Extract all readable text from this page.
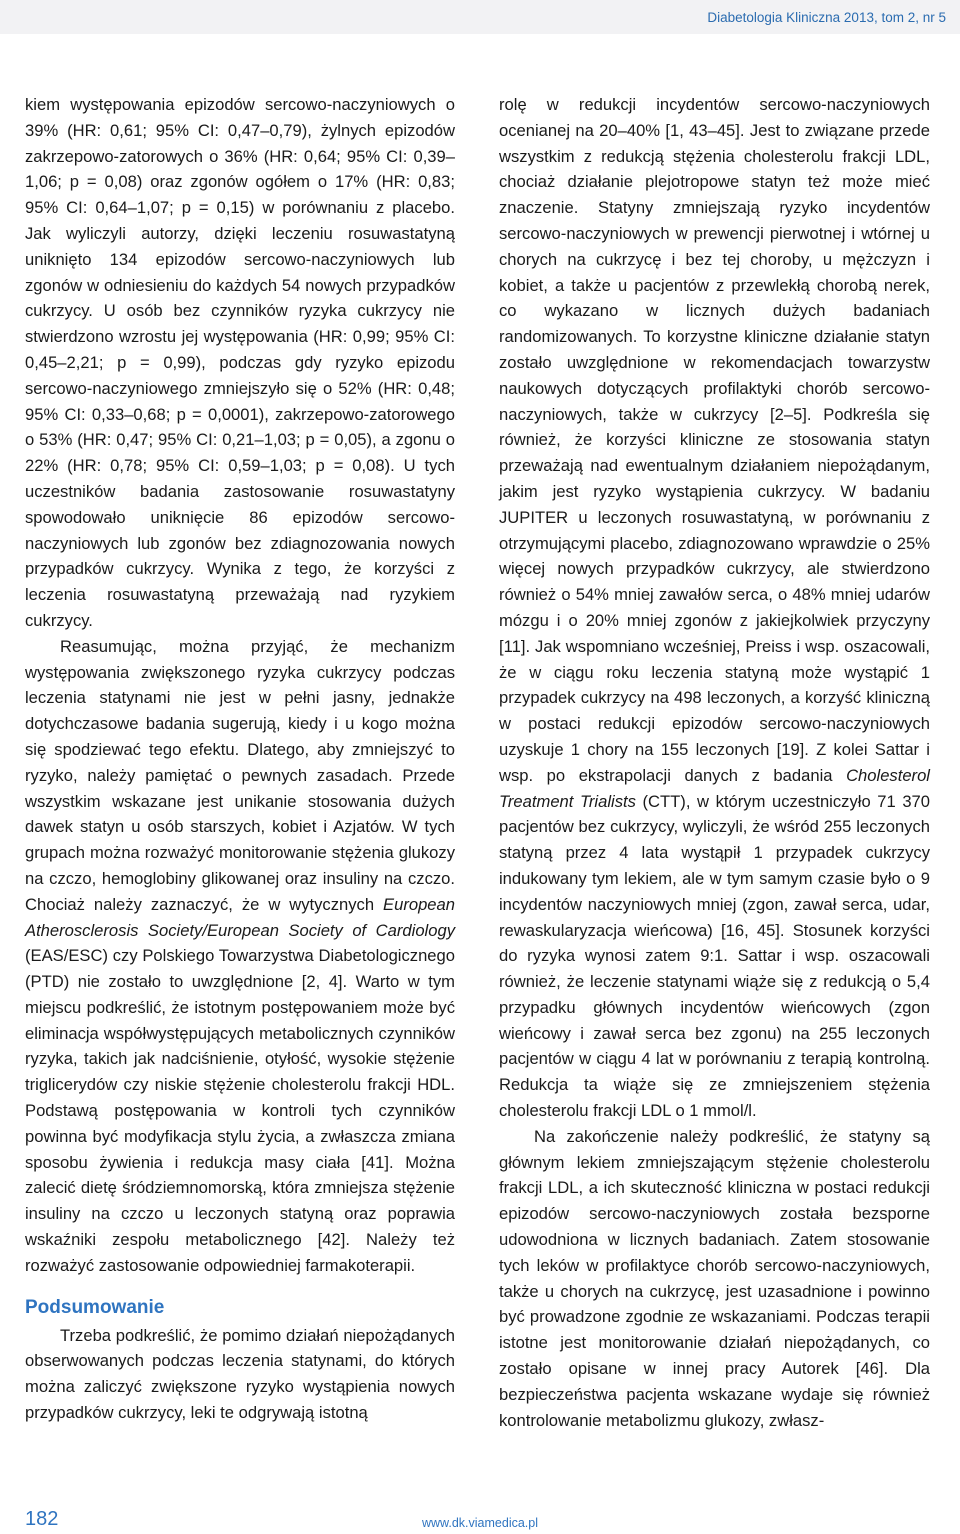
Diabetologia Kliniczna 2013, tom 2, nr 5

kiem występowania epizodów sercowo-naczyniowych o 39% (HR: 0,61; 95% CI: 0,47–0,79), żylnych epizodów zakrzepowo-zatorowych o 36% (HR: 0,64; 95% CI: 0,39–1,06; p = 0,08) oraz zgonów ogółem o 17% (HR: 0,83; 95% CI: 0,64–1,07; p = 0,15) w porównaniu z placebo. Jak wyliczyli autorzy, dzięki leczeniu rosuwastatyną uniknięto 134 epizodów sercowo-naczyniowych lub zgonów w odniesieniu do każdych 54 nowych przypadków cukrzycy. U osób bez czynników ryzyka cukrzycy nie stwierdzono wzrostu jej występowania (HR: 0,99; 95% CI: 0,45–2,21; p = 0,99), podczas gdy ryzyko epizodu sercowo-naczyniowego zmniejszyło się o 52% (HR: 0,48; 95% CI: 0,33–0,68; p = 0,0001), zakrzepowo-zatorowego o 53% (HR: 0,47; 95% CI: 0,21–1,03; p = 0,05), a zgonu o 22% (HR: 0,78; 95% CI: 0,59–1,03; p = 0,08). U tych uczestników badania zastosowanie rosuwastatyny spowodowało uniknięcie 86 epizodów sercowo-naczyniowych lub zgonów bez zdiagnozowania nowych przypadków cukrzycy. Wynika z tego, że korzyści z leczenia rosuwastatyną przeważają nad ryzykiem cukrzycy.

Reasumując, można przyjąć, że mechanizm występowania zwiększonego ryzyka cukrzycy podczas leczenia statynami nie jest w pełni jasny, jednakże dotychczasowe badania sugerują, kiedy i u kogo można się spodziewać tego efektu. Dlatego, aby zmniejszyć to ryzyko, należy pamiętać o pewnych zasadach. Przede wszystkim wskazane jest unikanie stosowania dużych dawek statyn u osób starszych, kobiet i Azjatów. W tych grupach można rozważyć monitorowanie stężenia glukozy na czczo, hemoglobiny glikowanej oraz insuliny na czczo. Chociaż należy zaznaczyć, że w wytycznych European Atherosclerosis Society/European Society of Cardiology (EAS/ESC) czy Polskiego Towarzystwa Diabetologicznego (PTD) nie zostało to uwzględnione [2, 4]. Warto w tym miejscu podkreślić, że istotnym postępowaniem może być eliminacja współwystępujących metabolicznych czynników ryzyka, takich jak nadciśnienie, otyłość, wysokie stężenie triglicerydów czy niskie stężenie cholesterolu frakcji HDL. Podstawą postępowania w kontroli tych czynników powinna być modyfikacja stylu życia, a zwłaszcza zmiana sposobu żywienia i redukcja masy ciała [41]. Można zalecić dietę śródziemnomorską, która zmniejsza stężenie insuliny na czczo u leczonych statyną oraz poprawia wskaźniki zespołu metabolicznego [42]. Należy też rozważyć zastosowanie odpowiedniej farmakoterapii.

Podsumowanie

Trzeba podkreślić, że pomimo działań niepożądanych obserwowanych podczas leczenia statynami, do których można zaliczyć zwiększone ryzyko wystąpienia nowych przypadków cukrzycy, leki te odgrywają istotną

rolę w redukcji incydentów sercowo-naczyniowych ocenianej na 20–40% [1, 43–45]. Jest to związane przede wszystkim z redukcją stężenia cholesterolu frakcji LDL, chociaż działanie plejotropowe statyn też może mieć znaczenie. Statyny zmniejszają ryzyko incydentów sercowo-naczyniowych w prewencji pierwotnej i wtórnej u chorych na cukrzycę i bez tej choroby, u mężczyzn i kobiet, a także u pacjentów z przewlekłą chorobą nerek, co wykazano w licznych dużych badaniach randomizowanych. To korzystne kliniczne działanie statyn zostało uwzględnione w rekomendacjach towarzystw naukowych dotyczących profilaktyki chorób sercowo-naczyniowych, także w cukrzycy [2–5]. Podkreśla się również, że korzyści kliniczne ze stosowania statyn przeważają nad ewentualnym działaniem niepożądanym, jakim jest ryzyko wystąpienia cukrzycy. W badaniu JUPITER u leczonych rosuwastatyną, w porównaniu z otrzymującymi placebo, zdiagnozowano wprawdzie o 25% więcej nowych przypadków cukrzycy, ale stwierdzono również o 54% mniej zawałów serca, o 48% mniej udarów mózgu i o 20% mniej zgonów z jakiejkolwiek przyczyny [11]. Jak wspomniano wcześniej, Preiss i wsp. oszacowali, że w ciągu roku leczenia statyną może wystąpić 1 przypadek cukrzycy na 498 leczonych, a korzyść kliniczną w postaci redukcji epizodów sercowo-naczyniowych uzyskuje 1 chory na 155 leczonych [19]. Z kolei Sattar i wsp. po ekstrapolacji danych z badania Cholesterol Treatment Trialists (CTT), w którym uczestniczyło 71 370 pacjentów bez cukrzycy, wyliczyli, że wśród 255 leczonych statyną przez 4 lata wystąpił 1 przypadek cukrzycy indukowany tym lekiem, ale w tym samym czasie było o 9 incydentów naczyniowych mniej (zgon, zawał serca, udar, rewaskularyzacja wieńcowa) [16, 45]. Stosunek korzyści do ryzyka wynosi zatem 9:1. Sattar i wsp. oszacowali również, że leczenie statynami wiąże się z redukcją o 5,4 przypadku głównych incydentów wieńcowych (zgon wieńcowy i zawał serca bez zgonu) na 255 leczonych pacjentów w ciągu 4 lat w porównaniu z terapią kontrolną. Redukcja ta wiąże się ze zmniejszeniem stężenia cholesterolu frakcji LDL o 1 mmol/l.

Na zakończenie należy podkreślić, że statyny są głównym lekiem zmniejszającym stężenie cholesterolu frakcji LDL, a ich skuteczność kliniczna w postaci redukcji epizodów sercowo-naczyniowych została bezsporne udowodniona w licznych badaniach. Zatem stosowanie tych leków w profilaktyce chorób sercowo-naczyniowych, także u chorych na cukrzycę, jest uzasadnione i powinno być prowadzone zgodnie ze wskazaniami. Podczas terapii istotne jest monitorowanie działań niepożądanych, co zostało opisane w innej pracy Autorek [46]. Dla bezpieczeństwa pacjenta wskazane wydaje się również kontrolowanie metabolizmu glukozy, zwłasz-

182	www.dk.viamedica.pl
